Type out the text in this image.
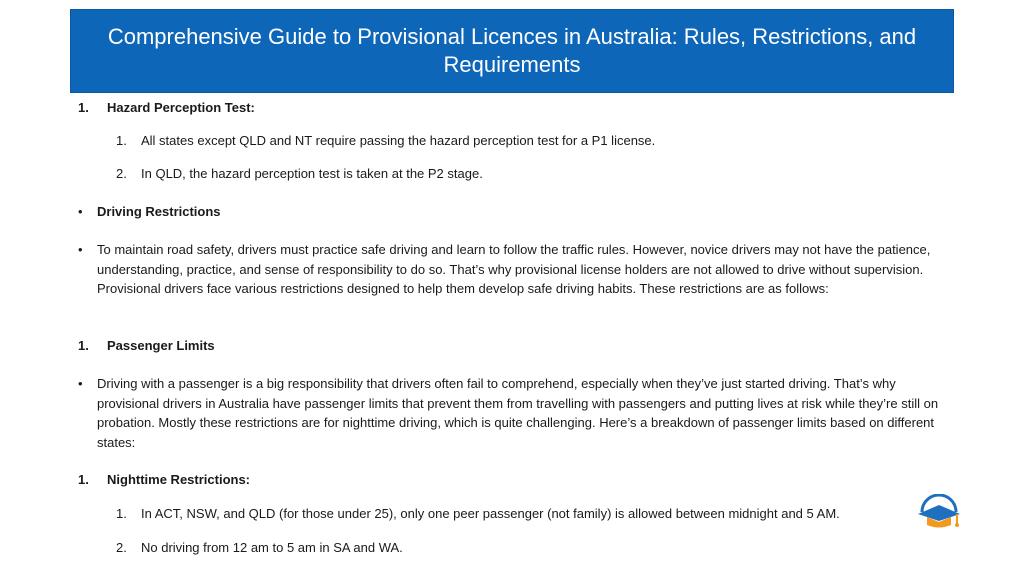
Comprehensive Guide to Provisional Licences in Australia: Rules, Restrictions, and Requirements
1. Hazard Perception Test:
1. All states except QLD and NT require passing the hazard perception test for a P1 license.
2. In QLD, the hazard perception test is taken at the P2 stage.
• Driving Restrictions
• To maintain road safety, drivers must practice safe driving and learn to follow the traffic rules. However, novice drivers may not have the patience, understanding, practice, and sense of responsibility to do so. That’s why provisional license holders are not allowed to drive without supervision. Provisional drivers face various restrictions designed to help them develop safe driving habits. These restrictions are as follows:
1. Passenger Limits
• Driving with a passenger is a big responsibility that drivers often fail to comprehend, especially when they’ve just started driving. That’s why provisional drivers in Australia have passenger limits that prevent them from travelling with passengers and putting lives at risk while they’re still on probation. Mostly these restrictions are for nighttime driving, which is quite challenging. Here’s a breakdown of passenger limits based on different states:
1. Nighttime Restrictions:
1. In ACT, NSW, and QLD (for those under 25), only one peer passenger (not family) is allowed between midnight and 5 AM.
2. No driving from 12 am to 5 am in SA and WA.
